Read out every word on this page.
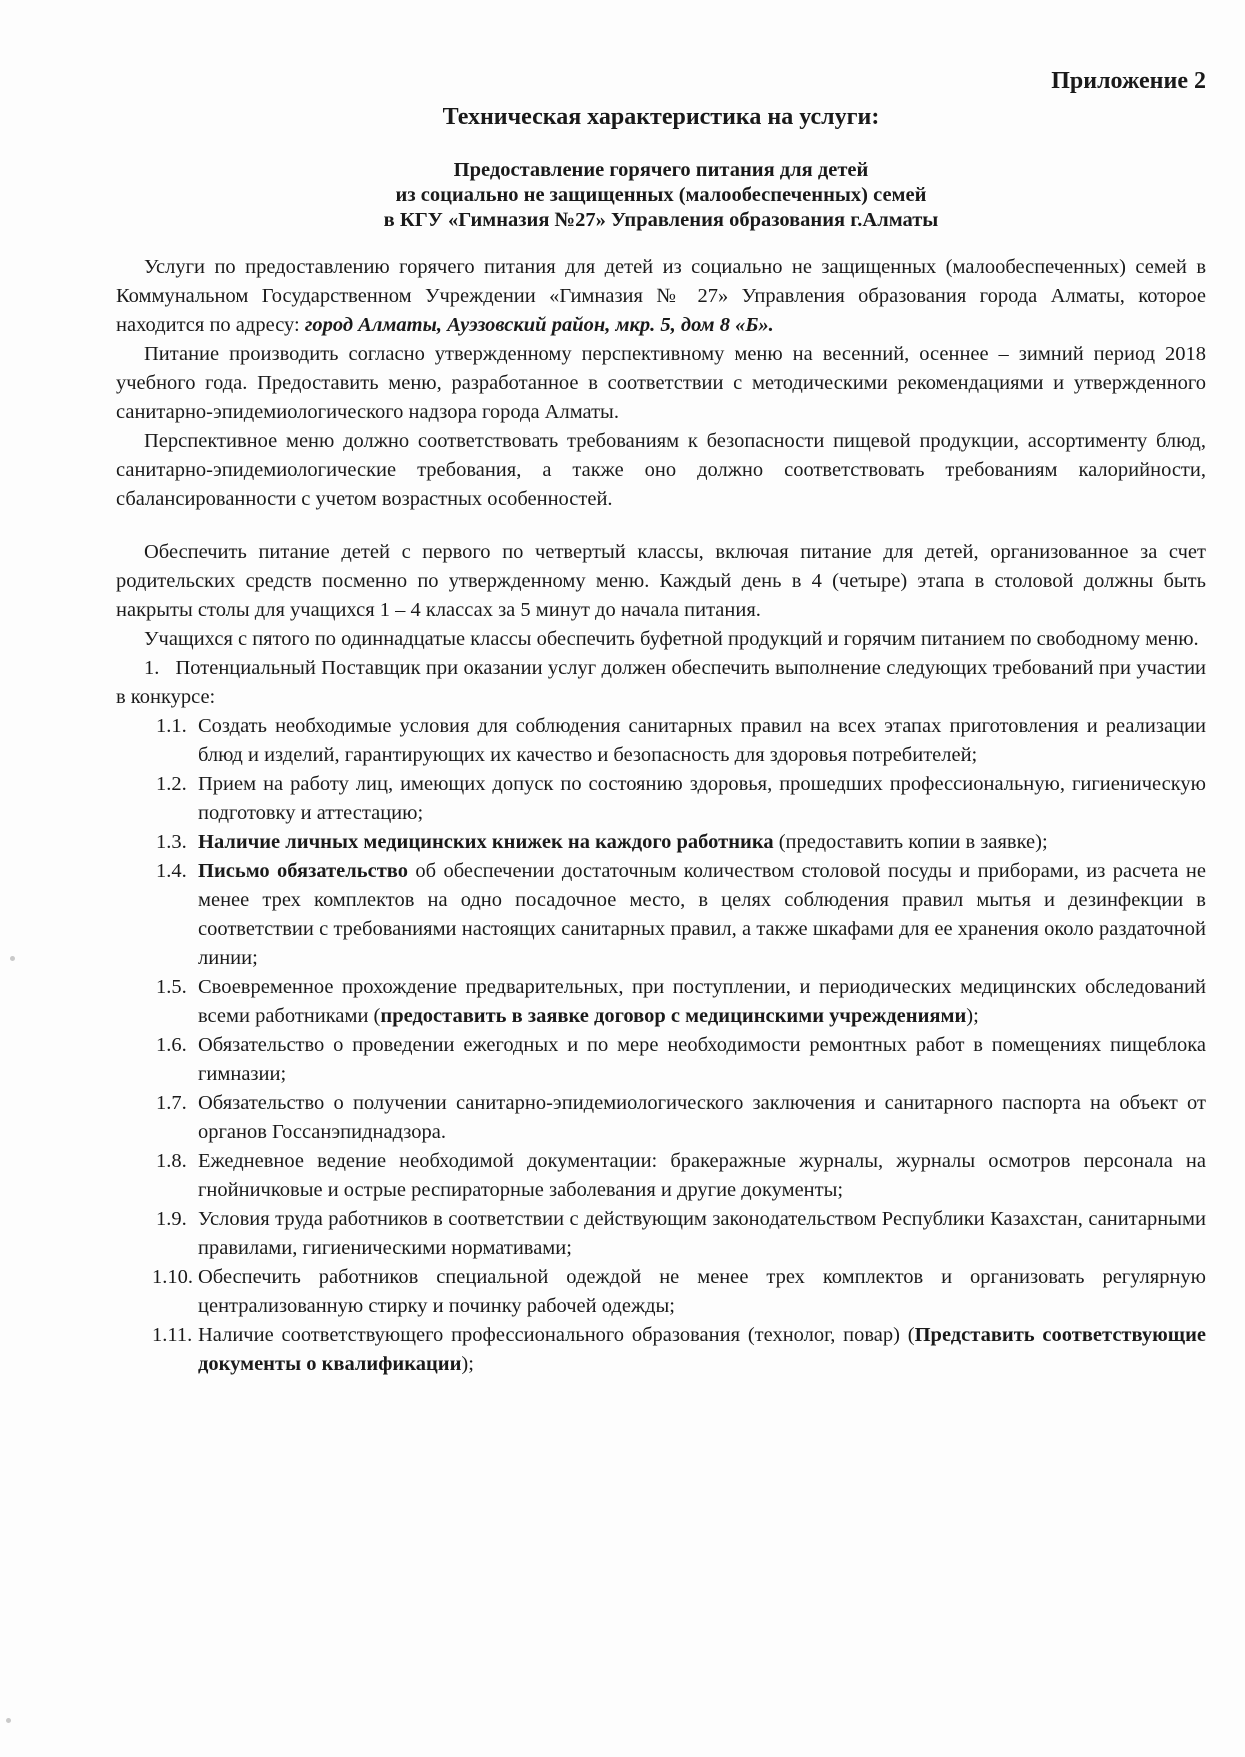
Приложение 2

Техническая характеристика на услуги:
Предоставление горячего питания для детей
из социально не защищенных (малообеспеченных) семей
в КГУ «Гимназия №27» Управления образования г.Алматы

Услуги по предоставлению горячего питания для детей из социально не защищенных (малообеспеченных) семей в Коммунальном Государственном Учреждении «Гимназия № 27» Управления образования города Алматы, которое находится по адресу: город Алматы, Ауэзовский район, мкр. 5, дом 8 «Б».

Питание производить согласно утвержденному перспективному меню на весенний, осеннее – зимний период 2018 учебного года. Предоставить меню, разработанное в соответствии с методическими рекомендациями и утвержденного санитарно-эпидемиологического надзора города Алматы.

Перспективное меню должно соответствовать требованиям к безопасности пищевой продукции, ассортименту блюд, санитарно-эпидемиологические требования, а также оно должно соответствовать требованиям калорийности, сбалансированности с учетом возрастных особенностей.

Обеспечить питание детей с первого по четвертый классы, включая питание для детей, организованное за счет родительских средств посменно по утвержденному меню. Каждый день в 4 (четыре) этапа в столовой должны быть накрыты столы для учащихся 1 – 4 классах за 5 минут до начала питания.

Учащихся с пятого по одиннадцатые классы обеспечить буфетной продукций и горячим питанием по свободному меню.

1. Потенциальный Поставщик при оказании услуг должен обеспечить выполнение следующих требований при участии в конкурсе:

1.1. Создать необходимые условия для соблюдения санитарных правил на всех этапах приготовления и реализации блюд и изделий, гарантирующих их качество и безопасность для здоровья потребителей;
1.2. Прием на работу лиц, имеющих допуск по состоянию здоровья, прошедших профессиональную, гигиеническую подготовку и аттестацию;
1.3. Наличие личных медицинских книжек на каждого работника (предоставить копии в заявке);
1.4. Письмо обязательство об обеспечении достаточным количеством столовой посуды и приборами, из расчета не менее трех комплектов на одно посадочное место, в целях соблюдения правил мытья и дезинфекции в соответствии с требованиями настоящих санитарных правил, а также шкафами для ее хранения около раздаточной линии;
1.5. Своевременное прохождение предварительных, при поступлении, и периодических медицинских обследований всеми работниками (предоставить в заявке договор с медицинскими учреждениями);
1.6. Обязательство о проведении ежегодных и по мере необходимости ремонтных работ в помещениях пищеблока гимназии;
1.7. Обязательство о получении санитарно-эпидемиологического заключения и санитарного паспорта на объект от органов Госсанэпиднадзора.
1.8. Ежедневное ведение необходимой документации: бракеражные журналы, журналы осмотров персонала на гнойничковые и острые респираторные заболевания и другие документы;
1.9. Условия труда работников в соответствии с действующим законодательством Республики Казахстан, санитарными правилами, гигиеническими нормативами;
1.10. Обеспечить работников специальной одеждой не менее трех комплектов и организовать регулярную централизованную стирку и починку рабочей одежды;
1.11. Наличие соответствующего профессионального образования (технолог, повар) (Представить соответствующие документы о квалификации);
